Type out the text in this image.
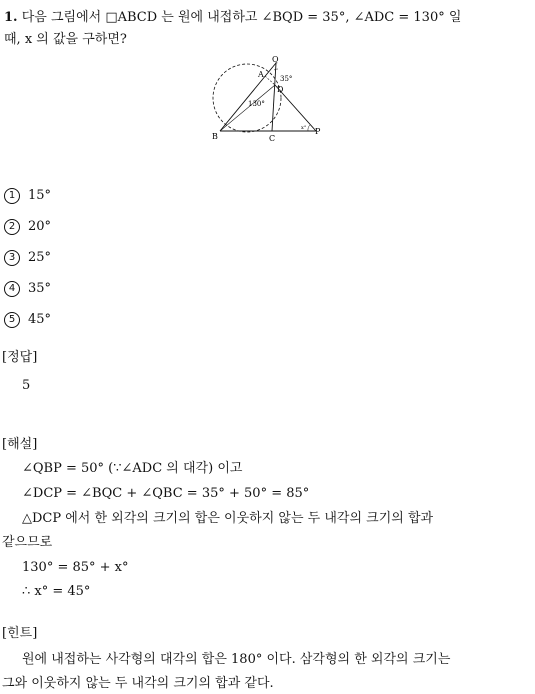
1. 다음 그림에서 □ABCD 는 원에 내접하고 ∠BQD = 35°, ∠ADC = 130° 일
때, x 의 값을 구하면?
Q
A
D
B	C
P
35°
130°
x°
1 15°
2 20°
3 25°
4 35°
5 45°
[정답]
5
[해설]
∠QBP = 50° (∵∠ADC 의 대각) 이고
∠DCP = ∠BQC + ∠QBC = 35° + 50° = 85°
△DCP 에서 한 외각의 크기의 합은 이웃하지 않는 두 내각의 크기의 합과
같으므로
130° = 85° + x°
∴ x° = 45°
[힌트]
원에 내접하는 사각형의 대각의 합은 180° 이다. 삼각형의 한 외각의 크기는
그와 이웃하지 않는 두 내각의 크기의 합과 같다.
